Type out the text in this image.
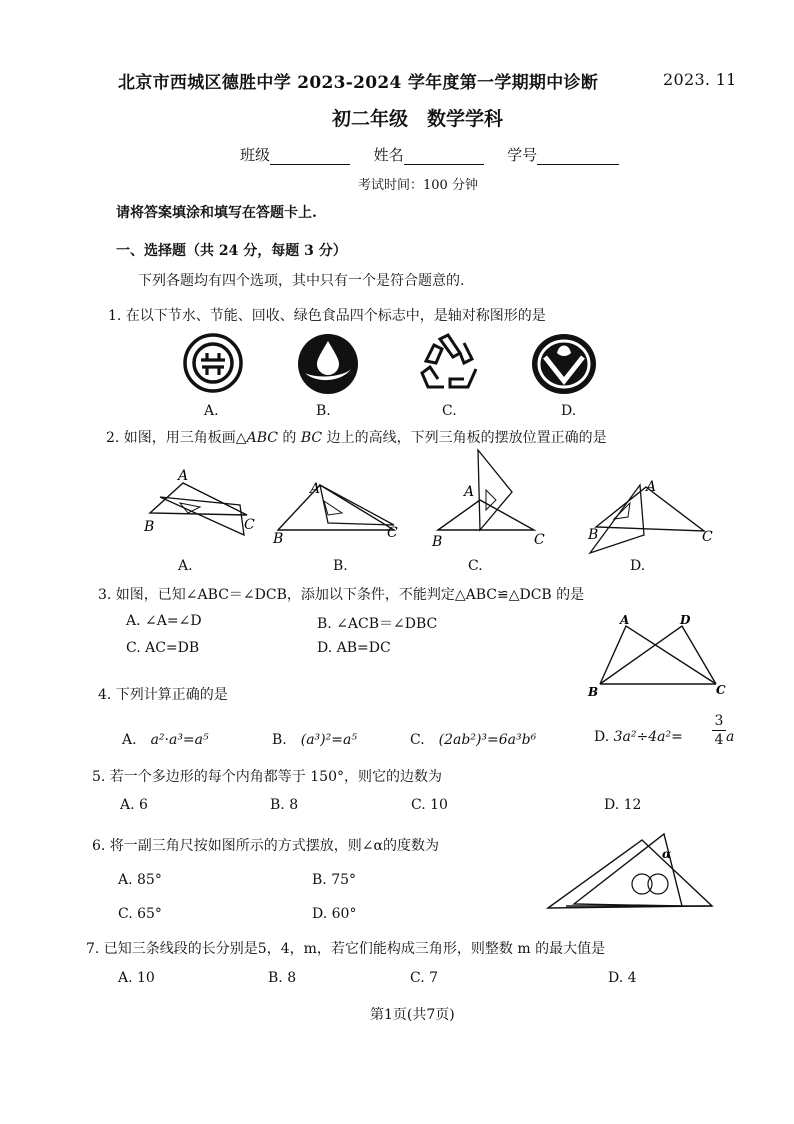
北京市西城区德胜中学 2023-2024 学年度第一学期期中诊断	2023. 11
初二年级　数学学科
班级	姓名	学号
考试时间：100 分钟
请将答案填涂和填写在答题卡上.
一、选择题（共 24 分，每题 3 分）
下列各题均有四个选项，其中只有一个是符合题意的.
1. 在以下节水、节能、回收、绿色食品四个标志中，是轴对称图形的是
A.	B.	C.	D.
2. 如图，用三角板画△ABC 的 BC 边上的高线，下列三角板的摆放位置正确的是
A
B	C
A
B	C
A
B	C
A
B	C
A.	B.	C.	D.
3. 如图，已知∠ABC＝∠DCB，添加以下条件，不能判定△ABC≌△DCB 的是
A. ∠A=∠D	B. ∠ACB＝∠DBC
C. AC=DB	D. AB=DC
A	D
B	C
4. 下列计算正确的是
A.　 a²·a³=a⁵	B.　 (a³)²=a⁵	C.　 (2ab²)³=6a³b⁶	D. $3a^2\div 4a^2= \frac{3}{4}$ a
5. 若一个多边形的每个内角都等于 150°，则它的边数为
A. 6	B. 8	C. 10	D. 12
6. 将一副三角尺按如图所示的方式摆放，则∠α的度数为
A. 85°	B. 75°
C. 65°	D. 60°
α
7. 已知三条线段的长分别是5，4，m，若它们能构成三角形，则整数 m 的最大值是
A. 10	B. 8	C. 7	D. 4
第1页(共7页)
